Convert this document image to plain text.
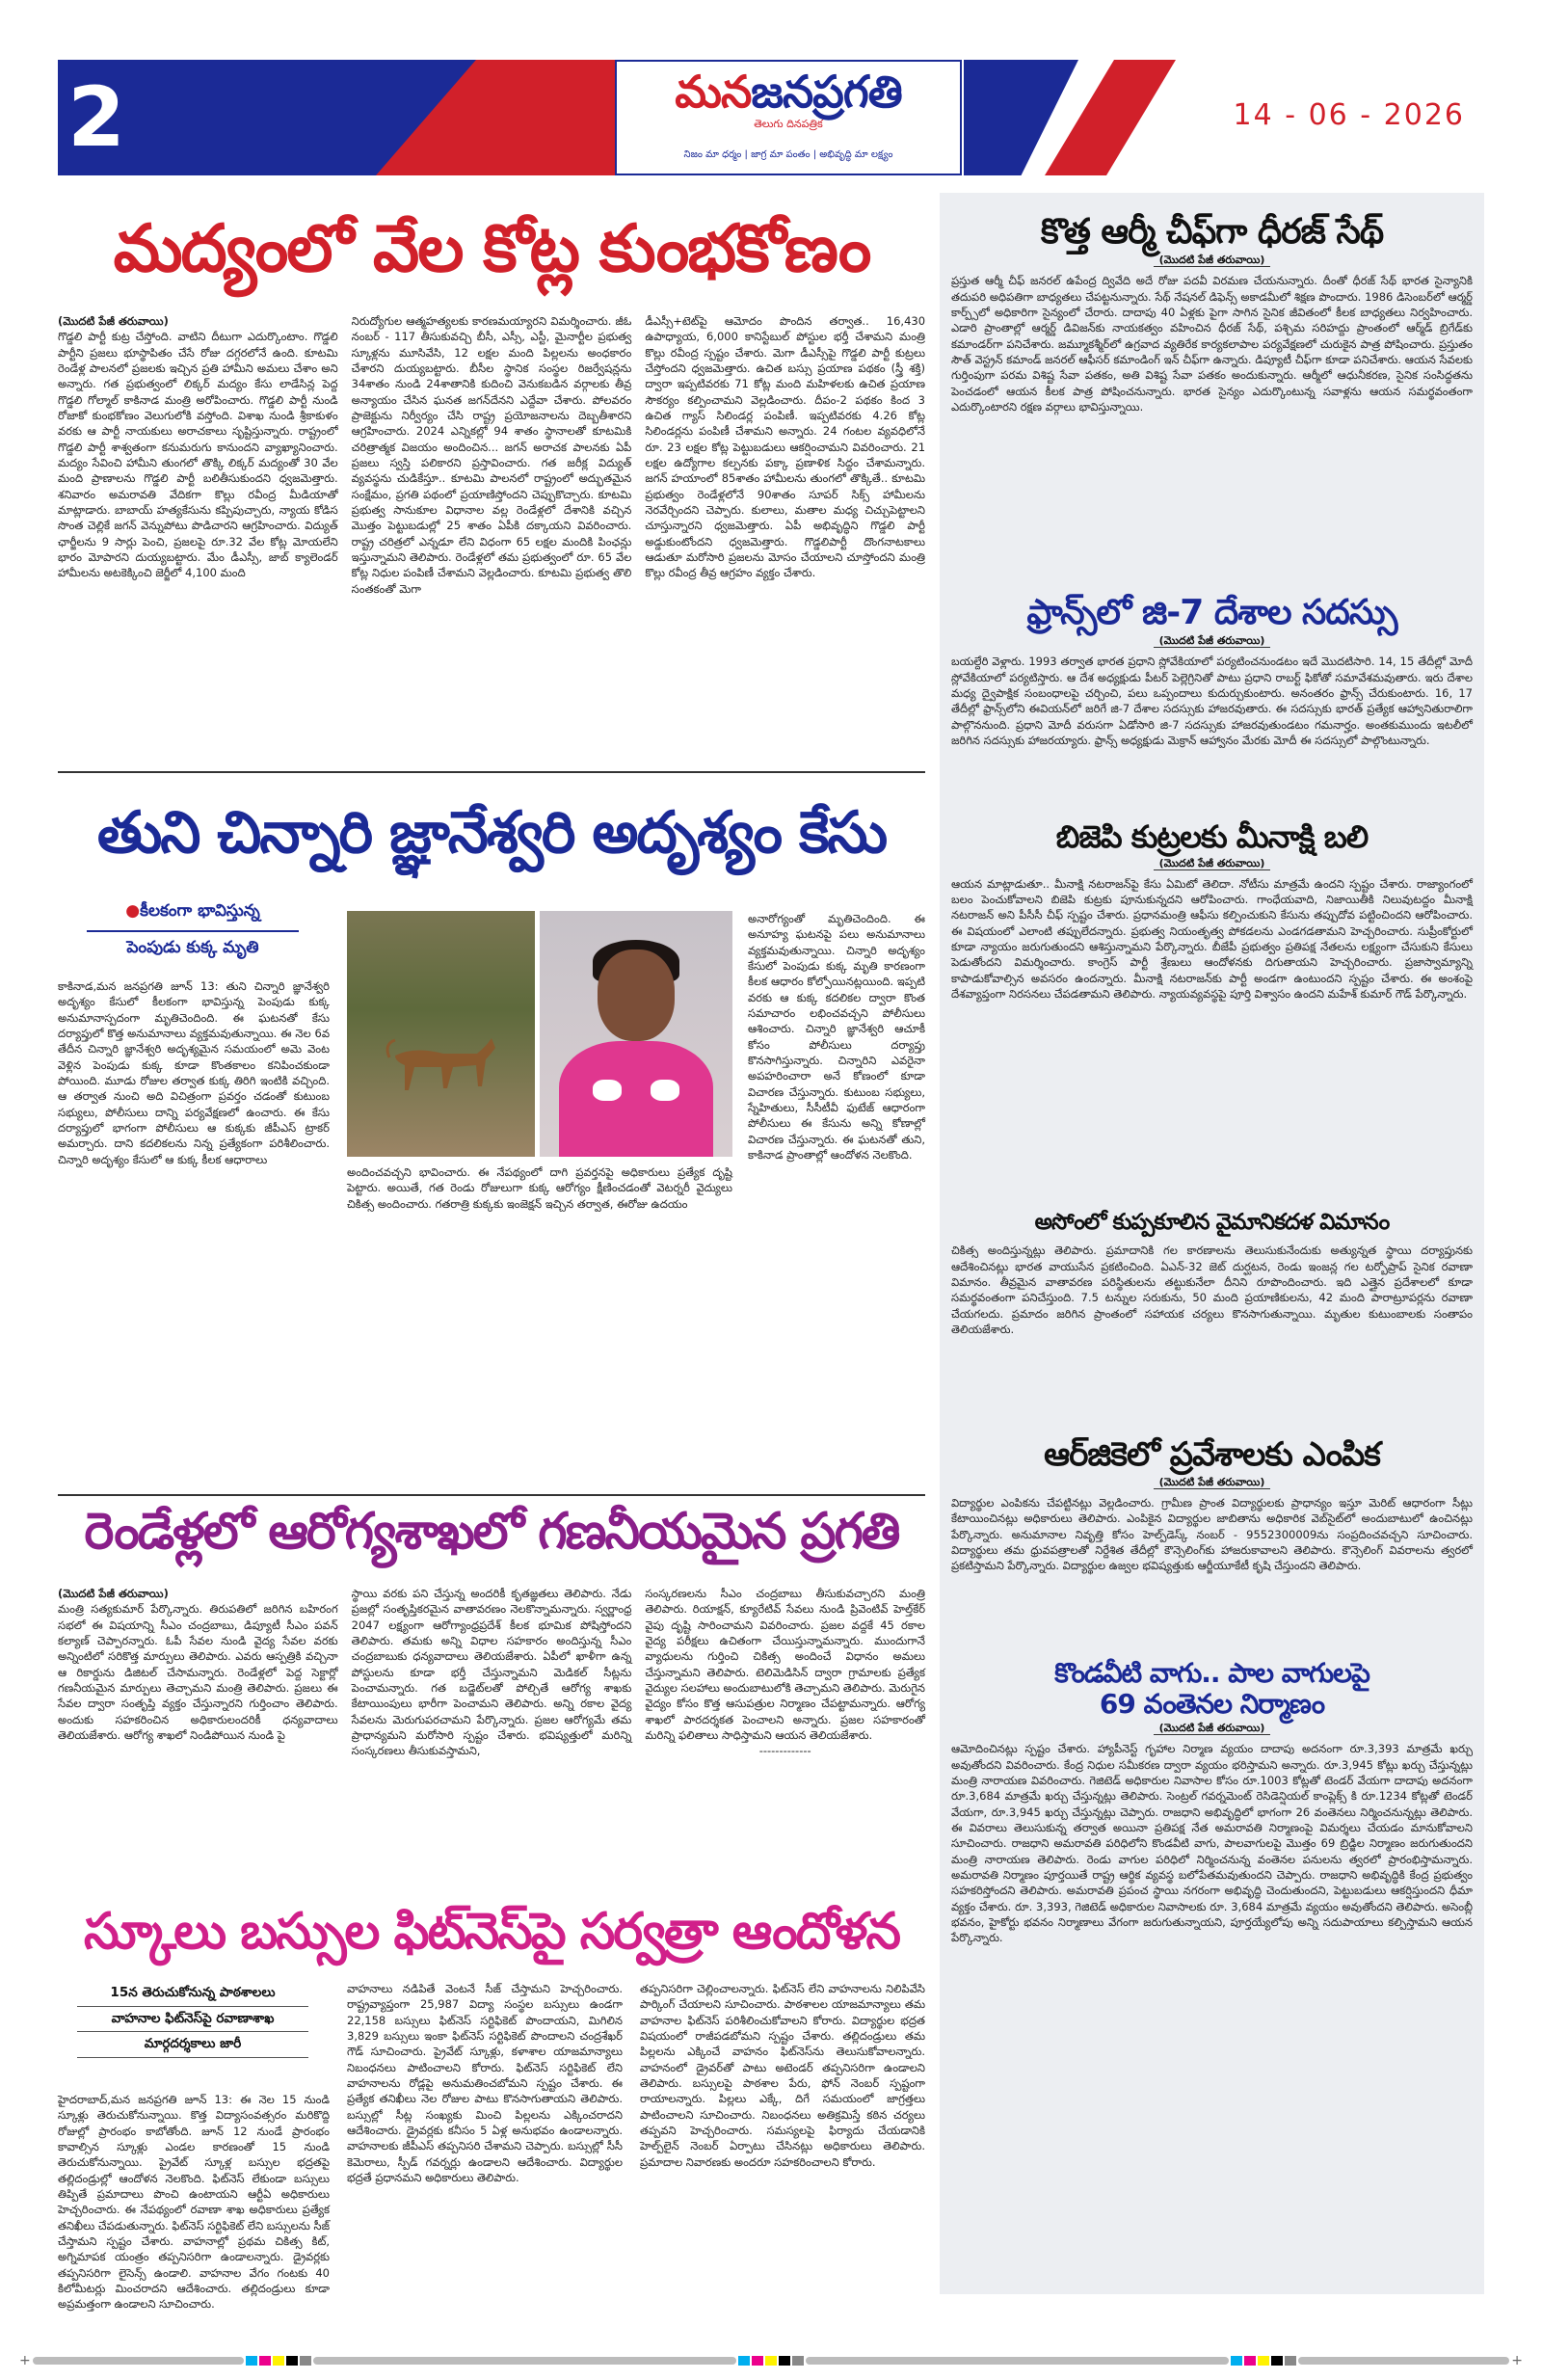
2	మనజనప్రగతి
తెలుగు దినపత్రిక
నిజం మా ధర్మం | జాగ్ర మా పంతం | అభివృద్ధి మా లక్ష్యం
14 - 06 - 2026
మద్యంలో వేల కోట్ల కుంభకోణం
(మొదటి పేజీ తరువాయి)
గొడ్డలి పార్టీ కుట్ర చేస్తోంది. వాటిని దీటుగా ఎదుర్కొంటాం. గొడ్డలి పార్టీని ప్రజలు భూస్థాపితం చేసే రోజు దగ్గరలోనే ఉంది. కూటమి రెండేళ్ల పాలనలో ప్రజలకు ఇచ్చిన ప్రతి హామీని అమలు చేశాం అని అన్నారు. గత ప్రభుత్వంలో లిక్కర్ మద్యం కేసు లాడేసిన్ల పెద్ద గొడ్డలి గోల్మాల్ కాకినాడ మంత్రి అరోపించారు. గొడ్డలి పార్టీ నుండి రోజాకో కుంభకోణం వెలుగులోకి వస్తోంది. విశాఖ నుండి శ్రీకాకుళం వరకు ఆ పార్టీ నాయకులు అరాచకాలు సృష్టిస్తున్నారు. రాష్ట్రంలో గొడ్డలి పార్టీ శాశ్వతంగా కనుమరుగు కానుందని వ్యాఖ్యానించారు. మద్యం సేవించి హామీని తుంగలో తొక్కి లిక్కర్ మద్యంతో 30 వేల మంది ప్రాణాలను గొడ్డలి పార్టీ బలితీసుకుందని ధ్వజమెత్తారు. శనివారం అమరావతి వేదికగా కొల్లు రవీంద్ర మీడియాతో మాట్లాడారు. బాబాయ్ హత్యకేసును కప్పిపుచ్చారు, న్యాయ కోడిస సొంత చెల్లికే జగన్ వెన్నుపోటు పొడిచారని ఆగ్రహించారు. విద్యుత్ ఛార్జీలను 9 సార్లు పెంచి, ప్రజలపై రూ.32 వేల కోట్ల మోయలేని భారం మోపారని దుయ్యబట్టారు. మేం డీఎస్సీ, జాబ్ క్యాలెండర్ హామీలను అటకెక్కించి జెర్జీలో 4,100 మంది
నిరుద్యోగుల ఆత్మహత్యలకు కారణమయ్యారని విమర్శించారు. జీఓ నంబర్ - 117 తీసుకువచ్చి బీసీ, ఎస్సీ, ఎస్టీ, మైనార్టీల ప్రభుత్వ స్కూళ్లను మూసివేసి, 12 లక్షల మంది పిల్లలను అంధకారం చేశారని దుయ్యబట్టారు. బీసీల స్థానిక సంస్థల రిజర్వేషన్లను 34శాతం నుండి 24శాతానికి కుదించి వెనుకబడిన వర్గాలకు తీవ్ర అన్యాయం చేసిన ఘనత జగన్‌దేనని ఎద్దేవా చేశారు. పోలవరం ప్రాజెక్టును నిర్వీర్యం చేసి రాష్ట్ర ప్రయోజనాలను దెబ్బతీశారని ఆగ్రహించారు. 2024 ఎన్నికల్లో 94 శాతం స్థానాలతో కూటమికి చరిత్రాత్మక విజయం అందించిన... జగన్ అరాచక పాలనకు ఏపీ ప్రజలు స్వస్తి పలికారని ప్రస్తావించారు. గత జరీక్ల విద్యుత్ వ్యవస్థను చుడికేస్తూ.. కూటమి పాలనలో రాష్ట్రంలో అద్భుతమైన సంక్షేమం, ప్రగతి పథంలో ప్రయాణిస్తోందని చెప్పుకొచ్చారు. కూటమి ప్రభుత్వ సానుకూల విధానాల వల్ల రెండేళ్లలో దేశానికి వచ్చిన మొత్తం పెట్టుబడుల్లో 25 శాతం ఏపీకి దక్కాయని వివరించారు. రాష్ట్ర చరిత్రలో ఎన్నడూ లేని విధంగా 65 లక్షల మందికి పింఛన్లు ఇస్తున్నామని తెలిపారు. రెండేళ్లలో తమ ప్రభుత్వంలో రూ. 65 వేల కోట్ల నిధుల పంపిణీ చేశామని వెల్లడించారు. కూటమి ప్రభుత్వ తొలి సంతకంతో మెగా
డీఎస్సీ+టెట్‌పై ఆమోదం పొందిన తర్వాత.. 16,430 ఉపాధ్యాయ, 6,000 కానిస్టేబుల్ పోస్టుల భర్తీ చేశామని మంత్రి కొల్లు రవీంద్ర స్పష్టం చేశారు. మెగా డీఎస్సీపై గొడ్డలి పార్టీ కుట్రలు చేస్తోందని ధ్వజమెత్తారు. ఉచిత బస్సు ప్రయాణ పథకం (స్త్రీ శక్తి) ద్వారా ఇప్పటివరకు 71 కోట్ల మంది మహిళలకు ఉచిత ప్రయాణ సౌకర్యం కల్పించామని వెల్లడించారు. దీపం-2 పథకం కింద 3 ఉచిత గ్యాస్ సిలిండర్ల పంపిణీ. ఇప్పటివరకు 4.26 కోట్ల సిలిండర్లను పంపిణీ చేశామని అన్నారు. 24 గంటల వ్యవధిలోనే రూ. 23 లక్షల కోట్ల పెట్టుబడులు ఆకర్షించామని వివరించారు. 21 లక్షల ఉద్యోగాల కల్పనకు పక్కా ప్రణాళిక సిద్ధం చేశామన్నారు. జగన్ హయాంలో 85శాతం హామీలను తుంగలో తొక్కితే.. కూటమి ప్రభుత్వం రెండేళ్లలోనే 90శాతం సూపర్ సిక్స్ హామీలను నెరవేర్చిందని చెప్పారు. కులాలు, మతాల మధ్య చిచ్చుపెట్టాలని చూస్తున్నారని ధ్వజమెత్తారు. ఏపీ అభివృద్ధిని గొడ్డలి పార్టీ అడ్డుకుంటోందని ధ్వజమెత్తారు. గొడ్డలిపార్టీ దొంగనాటకాలు ఆడుతూ మరోసారి ప్రజలను మోసం చేయాలని చూస్తోందని మంత్రి కొల్లు రవీంద్ర తీవ్ర ఆగ్రహం వ్యక్తం చేశారు.
తుని చిన్నారి జ్ఞానేశ్వరి అదృశ్యం కేసు
●కీలకంగా భావిస్తున్న
పెంపుడు కుక్క మృతి
కాకినాడ,మన జనప్రగతి జూన్ 13: తుని చిన్నారి జ్ఞానేశ్వరి అదృశ్యం కేసులో కీలకంగా భావిస్తున్న పెంపుడు కుక్క అనుమానాస్పదంగా మృతిచెందింది. ఈ ఘటనతో కేసు దర్యాప్తులో కొత్త అనుమానాలు వ్యక్తమవుతున్నాయి. ఈ నెల 6వ తేదీన చిన్నారి జ్ఞానేశ్వరి అదృశ్యమైన సమయంలో అమె వెంట వెళ్లిన పెంపుడు కుక్క కూడా కొంతకాలం కనిపించకుండా పోయింది. మూడు రోజుల తర్వాత కుక్క తిరిగి ఇంటికి వచ్చింది. ఆ తర్వాత నుంచి అది విచిత్రంగా ప్రవర్తం చడంతో కుటుంబ సభ్యులు, పోలీసులు దాన్ని పర్యవేక్షణలో ఉంచారు. ఈ కేసు దర్యాప్తులో భాగంగా పోలీసులు ఆ కుక్కకు జీపీఎస్ ట్రాకర్ అమర్చారు. దాని కదలికలను నిన్న ప్రత్యేకంగా పరిశీలించారు. చిన్నారి అదృశ్యం కేసులో ఆ కుక్క కీలక ఆధారాలు
అందించవచ్చని భావించారు. ఈ నేపథ్యంలో దాగి ప్రవర్తనపై అధికారులు ప్రత్యేక దృష్టి పెట్టారు. అయితే, గత రెండు రోజులుగా కుక్క ఆరోగ్యం క్షీణించడంతో వెటర్నరీ వైద్యులు చికిత్స అందించారు. గతరాత్రి కుక్కకు ఇంజెక్షన్ ఇచ్చిన తర్వాత, ఈరోజు ఉదయం
అనారోగ్యంతో మృతిచెందింది. ఈ అనూహ్య ఘటనపై పలు అనుమానాలు వ్యక్తమవుతున్నాయి. చిన్నారి అదృశ్యం కేసులో పెంపుడు కుక్క మృతి కారణంగా కీలక ఆధారం కోల్పోయినట్లయింది. ఇప్పటి వరకు ఆ కుక్క కదలికల ద్వారా కొంత సమాచారం లభించవచ్చని పోలీసులు ఆశించారు. చిన్నారి జ్ఞానేశ్వరి ఆచూకీ కోసం పోలీసులు దర్యాప్తు కొనసాగిస్తున్నారు. చిన్నారిని ఎవరైనా అపహరించారా అనే కోణంలో కూడా విచారణ చేస్తున్నారు. కుటుంబ సభ్యులు, స్నేహితులు, సీసీటీవీ ఫుటేజ్ ఆధారంగా పోలీసులు ఈ కేసును అన్ని కోణాల్లో విచారణ చేస్తున్నారు. ఈ ఘటనతో తుని, కాకినాడ ప్రాంతాల్లో ఆందోళన నెలకొంది.
రెండేళ్లలో ఆరోగ్యశాఖలో గణనీయమైన ప్రగతి
(మొదటి పేజీ తరువాయి)
మంత్రి సత్యకుమార్ పేర్కొన్నారు. తిరుపతిలో జరిగిన బహిరంగ సభలో ఈ విషయాన్ని సీఎం చంద్రబాబు, డిప్యూటీ సీఎం పవన్ కల్యాణ్ చెప్పారన్నారు. ఓపీ సేవల నుండి వైద్య సేవల వరకు అన్నింటిలో సరికొత్త మార్పులు తెలిపారు. ఎవరు ఆస్పత్రికి వచ్చినా ఆ రికార్డును డిజిటల్ చేసామన్నారు. రెండేళ్లలో పెద్ద సెక్టార్లో గణనీయమైన మార్పులు తెచ్చామని మంత్రి తెలిపారు. ప్రజలు ఈ సేవల ద్వారా సంతృప్తి వ్యక్తం చేస్తున్నారని గుర్తించాం తెలిపారు. అందుకు సహకరించిన అధికారులందరికీ ధన్యవాదాలు తెలియజేశారు. ఆరోగ్య శాఖలో నిండిపోయిన నుండి పై
స్థాయి వరకు పని చేస్తున్న అందరికీ కృతజ్ఞతలు తెలిపారు. నేడు ప్రజల్లో సంతృప్తికరమైన వాతావరణం నెలకొన్నామన్నారు. స్వర్ణాంధ్ర 2047 లక్ష్యంగా ఆరోగ్యాంధ్రప్రదేశ్ కీలక భూమిక పోషిస్తోందని తెలిపారు. తమకు అన్ని విధాల సహకారం అందిస్తున్న సీఎం చంద్రబాబుకు ధన్యవాదాలు తెలియజేశారు. ఏపీలో ఖాళీగా ఉన్న పోస్టులను కూడా భర్తీ చేస్తున్నామని మెడికల్ సీట్లను పెంచామన్నారు. గత బడ్జెట్‌లతో పోల్చితే ఆరోగ్య శాఖకు కేటాయింపులు భారీగా పెంచామని తెలిపారు. అన్ని రకాల వైద్య సేవలను మెరుగుపరచామని పేర్కొన్నారు. ప్రజల ఆరోగ్యమే తమ ప్రాధాన్యమని మరోసారి స్పష్టం చేశారు. భవిష్యత్తులో మరిన్ని సంస్కరణలు తీసుకువస్తామని,
సంస్కరణలను సీఎం చంద్రబాబు తీసుకువచ్చారని మంత్రి తెలిపారు. రియాక్షన్, క్యూరేటివ్ సేవలు నుండి ప్రివెంటివ్ హెల్త్‌కేర్ వైపు దృష్టి సారించామని వివరించారు. ప్రజల వద్దకే 45 రకాల వైద్య పరీక్షలు ఉచితంగా చేయిస్తున్నామన్నారు. ముందుగానే వ్యాధులను గుర్తించి చికిత్స అందించే విధానం అమలు చేస్తున్నామని తెలిపారు. టెలిమెడిసిన్ ద్వారా గ్రామాలకు ప్రత్యేక వైద్యుల సలహాలు అందుబాటులోకి తెచ్చామని తెలిపారు. మెరుగైన వైద్యం కోసం కొత్త ఆసుపత్రుల నిర్మాణం చేపట్టామన్నారు. ఆరోగ్య శాఖలో పారదర్శకత పెంచాలని అన్నారు. ప్రజల సహకారంతో మరిన్ని ఫలితాలు సాధిస్తామని ఆయన తెలియజేశారు.
-------------
స్కూలు బస్సుల ఫిట్‌నెస్‌పై సర్వత్రా ఆందోళన
15న తెరుచుకోనున్న పాఠశాలలు
వాహనాల ఫిట్‌నెస్‌పై రవాణాశాఖ
మార్గదర్శకాలు జారీ
హైదరాబాద్,మన జనప్రగతి జూన్ 13: ఈ నెల 15 నుండి స్కూళ్లు తెరుచుకోనున్నాయి. కొత్త విద్యాసంవత్సరం మరికొద్ది రోజుల్లో ప్రారంభం కాబోతోంది. జూన్ 12 నుండే ప్రారంభం కావాల్సిన స్కూళ్లు ఎండల కారణంతో 15 నుండి తెరుచుకోనున్నాయి. ప్రైవేట్ స్కూళ్ల బస్సుల భద్రతపై తల్లిదండ్రుల్లో ఆందోళన నెలకొంది. ఫిట్‌నెస్ లేకుండా బస్సులు తిప్పితే ప్రమాదాలు పొంచి ఉంటాయని ఆర్టీఏ అధికారులు హెచ్చరించారు. ఈ నేపథ్యంలో రవాణా శాఖ అధికారులు ప్రత్యేక తనిఖీలు చేపడుతున్నారు. ఫిట్‌నెస్ సర్టిఫికెట్ లేని బస్సులను సీజ్ చేస్తామని స్పష్టం చేశారు. వాహనాల్లో ప్రథమ చికిత్స కిట్, అగ్నిమాపక యంత్రం తప్పనిసరిగా ఉండాలన్నారు. డ్రైవర్లకు తప్పనిసరిగా లైసెన్స్ ఉండాలి. వాహనాల వేగం గంటకు 40 కిలోమీటర్లు మించరాదని ఆదేశించారు. తల్లిదండ్రులు కూడా అప్రమత్తంగా ఉండాలని సూచించారు.
వాహనాలు నడిపితే వెంటనే సీజ్ చేస్తామని హెచ్చరించారు. రాష్ట్రవ్యాప్తంగా 25,987 విద్యా సంస్థల బస్సులు ఉండగా 22,158 బస్సులు ఫిట్‌నెస్ సర్టిఫికెట్ పొందాయని, మిగిలిన 3,829 బస్సులు ఇంకా ఫిట్‌నెస్ సర్టిఫికెట్ పొందాలని చంద్రశేఖర్ గౌడ్ సూచించారు. ప్రైవేట్ స్కూళ్లు, కళాశాల యాజమాన్యాలు నిబంధనలు పాటించాలని కోరారు. ఫిట్‌నెస్ సర్టిఫికెట్ లేని వాహనాలను రోడ్లపై అనుమతించబోమని స్పష్టం చేశారు. ఈ ప్రత్యేక తనిఖీలు నెల రోజుల పాటు కొనసాగుతాయని తెలిపారు. బస్సుల్లో సీట్ల సంఖ్యకు మించి పిల్లలను ఎక్కించరాదని ఆదేశించారు. డ్రైవర్లకు కనీసం 5 ఏళ్ల అనుభవం ఉండాలన్నారు. వాహనాలకు జీపీఎస్ తప్పనిసరి చేశామని చెప్పారు. బస్సుల్లో సీసీ కెమెరాలు, స్పీడ్ గవర్నర్లు ఉండాలని ఆదేశించారు. విద్యార్థుల భద్రతే ప్రధానమని అధికారులు తెలిపారు.
తప్పనిసరిగా చెల్లించాలన్నారు. ఫిట్‌నెస్ లేని వాహనాలను నిలిపివేసి పార్కింగ్ చేయాలని సూచించారు. పాఠశాలల యాజమాన్యాలు తమ వాహనాల ఫిట్‌నెస్ పరిశీలించుకోవాలని కోరారు. విద్యార్థుల భద్రత విషయంలో రాజీపడబోమని స్పష్టం చేశారు. తల్లిదండ్రులు తమ పిల్లలను ఎక్కించే వాహనం ఫిట్‌నెస్‌ను తెలుసుకోవాలన్నారు. వాహనంలో డ్రైవర్‌తో పాటు అటెండర్ తప్పనిసరిగా ఉండాలని తెలిపారు. బస్సులపై పాఠశాల పేరు, ఫోన్ నెంబర్ స్పష్టంగా రాయాలన్నారు. పిల్లలు ఎక్కే, దిగే సమయంలో జాగ్రత్తలు పాటించాలని సూచించారు. నిబంధనలు అతిక్రమిస్తే కఠిన చర్యలు తప్పవని హెచ్చరించారు. సమస్యలపై ఫిర్యాదు చేయడానికి హెల్ప్‌లైన్ నెంబర్ ఏర్పాటు చేసినట్లు అధికారులు తెలిపారు. ప్రమాదాల నివారణకు అందరూ సహకరించాలని కోరారు.
కొత్త ఆర్మీ చీఫ్‌గా ధీరజ్ సేథ్
(మొదటి పేజీ తరువాయి)
ప్రస్తుత ఆర్మీ చీఫ్ జనరల్ ఉపేంద్ర ద్వివేది అదే రోజు పదవీ విరమణ చేయనున్నారు. దీంతో ధీరజ్ సేథ్ భారత సైన్యానికి తదుపరి అధిపతిగా బాధ్యతలు చేపట్టనున్నారు. సేథ్ నేషనల్ డిఫెన్స్ అకాడమీలో శిక్షణ పొందారు. 1986 డిసెంబర్‌లో ఆర్మర్డ్ కార్ప్స్‌లో అధికారిగా సైన్యంలో చేరారు. దాదాపు 40 ఏళ్లకు పైగా సాగిన సైనిక జీవితంలో కీలక బాధ్యతలు నిర్వహించారు. ఎడారి ప్రాంతాల్లో ఆర్మర్డ్ డివిజన్‌కు నాయకత్వం వహించిన ధీరజ్ సేథ్, పశ్చిమ సరిహద్దు ప్రాంతంలో ఆర్మ్‌డ్ బ్రిగేడ్‌కు కమాండర్‌గా పనిచేశారు. జమ్మూకశ్మీర్‌లో ఉగ్రవాద వ్యతిరేక కార్యకలాపాల పర్యవేక్షణలో చురుకైన పాత్ర పోషించారు. ప్రస్తుతం సౌత్ వెస్ట్రన్ కమాండ్ జనరల్ ఆఫీసర్ కమాండింగ్ ఇన్ చీఫ్‌గా ఉన్నారు. డిప్యూటీ చీఫ్‌గా కూడా పనిచేశారు. ఆయన సేవలకు గుర్తింపుగా పరమ విశిష్ట సేవా పతకం, అతి విశిష్ట సేవా పతకం అందుకున్నారు. ఆర్మీలో ఆధునీకరణ, సైనిక సంసిద్ధతను పెంచడంలో ఆయన కీలక పాత్ర పోషించనున్నారు. భారత సైన్యం ఎదుర్కొంటున్న సవాళ్లను ఆయన సమర్థవంతంగా ఎదుర్కొంటారని రక్షణ వర్గాలు భావిస్తున్నాయి.
ఫ్రాన్స్‌లో జి-7 దేశాల సదస్సు
(మొదటి పేజీ తరువాయి)
బయల్దేరి వెళ్లారు. 1993 తర్వాత భారత ప్రధాని స్లోవేకియాలో పర్యటించనుండటం ఇదే మొదటిసారి. 14, 15 తేదీల్లో మోదీ స్లోవేకియాలో పర్యటిస్తారు. ఆ దేశ అధ్యక్షుడు పీటర్ పెల్లెగ్రినితో పాటు ప్రధాని రాబర్ట్ ఫికోతో సమావేశమవుతారు. ఇరు దేశాల మధ్య ద్వైపాక్షిక సంబంధాలపై చర్చించి, పలు ఒప్పందాలు కుదుర్చుకుంటారు. అనంతరం ఫ్రాన్స్ చేరుకుంటారు. 16, 17 తేదీల్లో ఫ్రాన్స్‌లోని ఈవియన్‌లో జరిగే జి-7 దేశాల సదస్సుకు హాజరవుతారు. ఈ సదస్సుకు భారత్ ప్రత్యేక ఆహ్వానితురాలిగా పాల్గొననుంది. ప్రధాని మోదీ వరుసగా ఏడోసారి జి-7 సదస్సుకు హాజరవుతుండటం గమనార్హం. అంతకుముందు ఇటలీలో జరిగిన సదస్సుకు హాజరయ్యారు. ఫ్రాన్స్ అధ్యక్షుడు మెక్రాన్ ఆహ్వానం మేరకు మోదీ ఈ సదస్సులో పాల్గొంటున్నారు.
బిజెపి కుట్రలకు మీనాక్షి బలి
(మొదటి పేజీ తరువాయి)
ఆయన మాట్లాడుతూ.. మీనాక్షి నటరాజన్‌పై కేసు ఏమిటో తెలిదా. నోటీసు మాత్రమే ఉందని స్పష్టం చేశారు. రాజ్యాంగంలో బలం పెంచుకోవాలని బిజెపి కుట్రకు పూనుకున్నదని ఆరోపించారు. గాంధేయవాది, నిజాయితీకి నిలువుటద్దం మీనాక్షి నటరాజన్ అని పీసీసీ చీఫ్ స్పష్టం చేశారు. ప్రధానమంత్రి ఆఫీసు కల్పించుకుని కేసును తప్పుదోవ పట్టించిందని ఆరోపించారు. ఈ విషయంలో ఎలాంటి తప్పులేదన్నారు. ప్రభుత్వ నియంతృత్వ పోకడలను ఎండగడతామని హెచ్చరించారు. సుప్రీంకోర్టులో కూడా న్యాయం జరుగుతుందని ఆశిస్తున్నామని పేర్కొన్నారు. బీజేపీ ప్రభుత్వం ప్రతిపక్ష నేతలను లక్ష్యంగా చేసుకుని కేసులు పెడుతోందని విమర్శించారు. కాంగ్రెస్ పార్టీ శ్రేణులు ఆందోళనకు దిగుతాయని హెచ్చరించారు. ప్రజాస్వామ్యాన్ని కాపాడుకోవాల్సిన అవసరం ఉందన్నారు. మీనాక్షి నటరాజన్‌కు పార్టీ అండగా ఉంటుందని స్పష్టం చేశారు. ఈ అంశంపై దేశవ్యాప్తంగా నిరసనలు చేపడతామని తెలిపారు. న్యాయవ్యవస్థపై పూర్తి విశ్వాసం ఉందని మహేశ్ కుమార్ గౌడ్ పేర్కొన్నారు.
అసోంలో కుప్పకూలిన వైమానికదళ విమానం
చికిత్స అందిస్తున్నట్లు తెలిపారు. ప్రమాదానికి గల కారణాలను తెలుసుకునేందుకు అత్యున్నత స్థాయి దర్యాప్తునకు ఆదేశించినట్లు భారత వాయుసేన ప్రకటించింది. ఏఎన్-32 జెట్ దుర్ఘటన, రెండు ఇంజన్ల గల టర్బోప్రాప్ సైనిక రవాణా విమానం. తీవ్రమైన వాతావరణ పరిస్థితులను తట్టుకునేలా దీనిని రూపొందించారు. ఇది ఎత్తైన ప్రదేశాలలో కూడా సమర్థవంతంగా పనిచేస్తుంది. 7.5 టన్నుల సరుకును, 50 మంది ప్రయాణికులను, 42 మంది పారాట్రూపర్లను రవాణా చేయగలదు. ప్రమాదం జరిగిన ప్రాంతంలో సహాయక చర్యలు కొనసాగుతున్నాయి. మృతుల కుటుంబాలకు సంతాపం తెలియజేశారు.
ఆర్‌జికెలో ప్రవేశాలకు ఎంపిక
(మొదటి పేజీ తరువాయి)
విద్యార్థుల ఎంపికను చేపట్టినట్లు వెల్లడించారు. గ్రామీణ ప్రాంత విద్యార్థులకు ప్రాధాన్యం ఇస్తూ మెరిట్ ఆధారంగా సీట్లు కేటాయించినట్లు అధికారులు తెలిపారు. ఎంపికైన విద్యార్థుల జాబితాను అధికారిక వెబ్‌సైట్‌లో అందుబాటులో ఉంచినట్లు పేర్కొన్నారు. అనుమానాల నివృత్తి కోసం హెల్ప్‌డెస్క్ నంబర్ - 9552300009ను సంప్రదించవచ్చని సూచించారు. విద్యార్థులు తమ ధ్రువపత్రాలతో నిర్దేశిత తేదీల్లో కౌన్సెలింగ్‌కు హాజరుకావాలని తెలిపారు. కౌన్సెలింగ్ వివరాలను త్వరలో ప్రకటిస్తామని పేర్కొన్నారు. విద్యార్థుల ఉజ్వల భవిష్యత్తుకు ఆర్జీయూకేటీ కృషి చేస్తుందని తెలిపారు.
కొండవీటి వాగు.. పాల వాగులపై
69 వంతెనల నిర్మాణం
(మొదటి పేజీ తరువాయి)
ఆమోదించినట్లు స్పష్టం చేశారు. హ్యాపీనెస్ట్ గృహాల నిర్మాణ వ్యయం దాదాపు అదనంగా రూ.3,393 మాత్రమే ఖర్చు అవుతోందని వివరించారు. కేంద్ర నిధుల సమీకరణ ద్వారా వ్యయం భరిస్తామని అన్నారు. రూ.3,945 కోట్లు ఖర్చు చేస్తున్నట్లు మంత్రి నారాయణ వివరించారు. గెజిటెడ్ అధికారుల నివాసాల కోసం రూ.1003 కోట్లతో టెండర్ వేయగా దాదాపు అదనంగా రూ.3,684 మాత్రమే ఖర్చు చేస్తున్నట్లు తెలిపారు. సెంట్రల్ గవర్నమెంట్ రెసిడెన్షియల్ కాంప్లెక్స్ కి రూ.1234 కోట్లతో టెండర్ వేయగా, రూ.3,945 ఖర్చు చేస్తున్నట్లు చెప్పారు. రాజధాని అభివృద్ధిలో భాగంగా 26 వంతెనలు నిర్మించనున్నట్లు తెలిపారు. ఈ వివరాలు తెలుసుకున్న తర్వాత అయినా ప్రతిపక్ష నేత అమరావతి నిర్మాణంపై విమర్శలు చేయడం మానుకోవాలని సూచించారు. రాజధాని అమరావతి పరిధిలోని కొండవీటి వాగు, పాలవాగులపై మొత్తం 69 బ్రిడ్జిల నిర్మాణం జరుగుతుందని మంత్రి నారాయణ తెలిపారు. రెండు వాగుల పరిధిలో నిర్మించనున్న వంతెనల పనులను త్వరలో ప్రారంభిస్తామన్నారు. అమరావతి నిర్మాణం పూర్తయితే రాష్ట్ర ఆర్థిక వ్యవస్థ బలోపేతమవుతుందని చెప్పారు. రాజధాని అభివృద్ధికి కేంద్ర ప్రభుత్వం సహకరిస్తోందని తెలిపారు. అమరావతి ప్రపంచ స్థాయి నగరంగా అభివృద్ధి చెందుతుందని, పెట్టుబడులు ఆకర్షిస్తుందని ధీమా వ్యక్తం చేశారు. రూ. 3,393, గెజిటెడ్ అధికారుల నివాసాలకు రూ. 3,684 మాత్రమే వ్యయం అవుతోందని తెలిపారు. అసెంబ్లీ భవనం, హైకోర్టు భవనం నిర్మాణాలు వేగంగా జరుగుతున్నాయని, పూర్తయ్యేలోపు అన్ని సదుపాయాలు కల్పిస్తామని ఆయన పేర్కొన్నారు.
+	+
